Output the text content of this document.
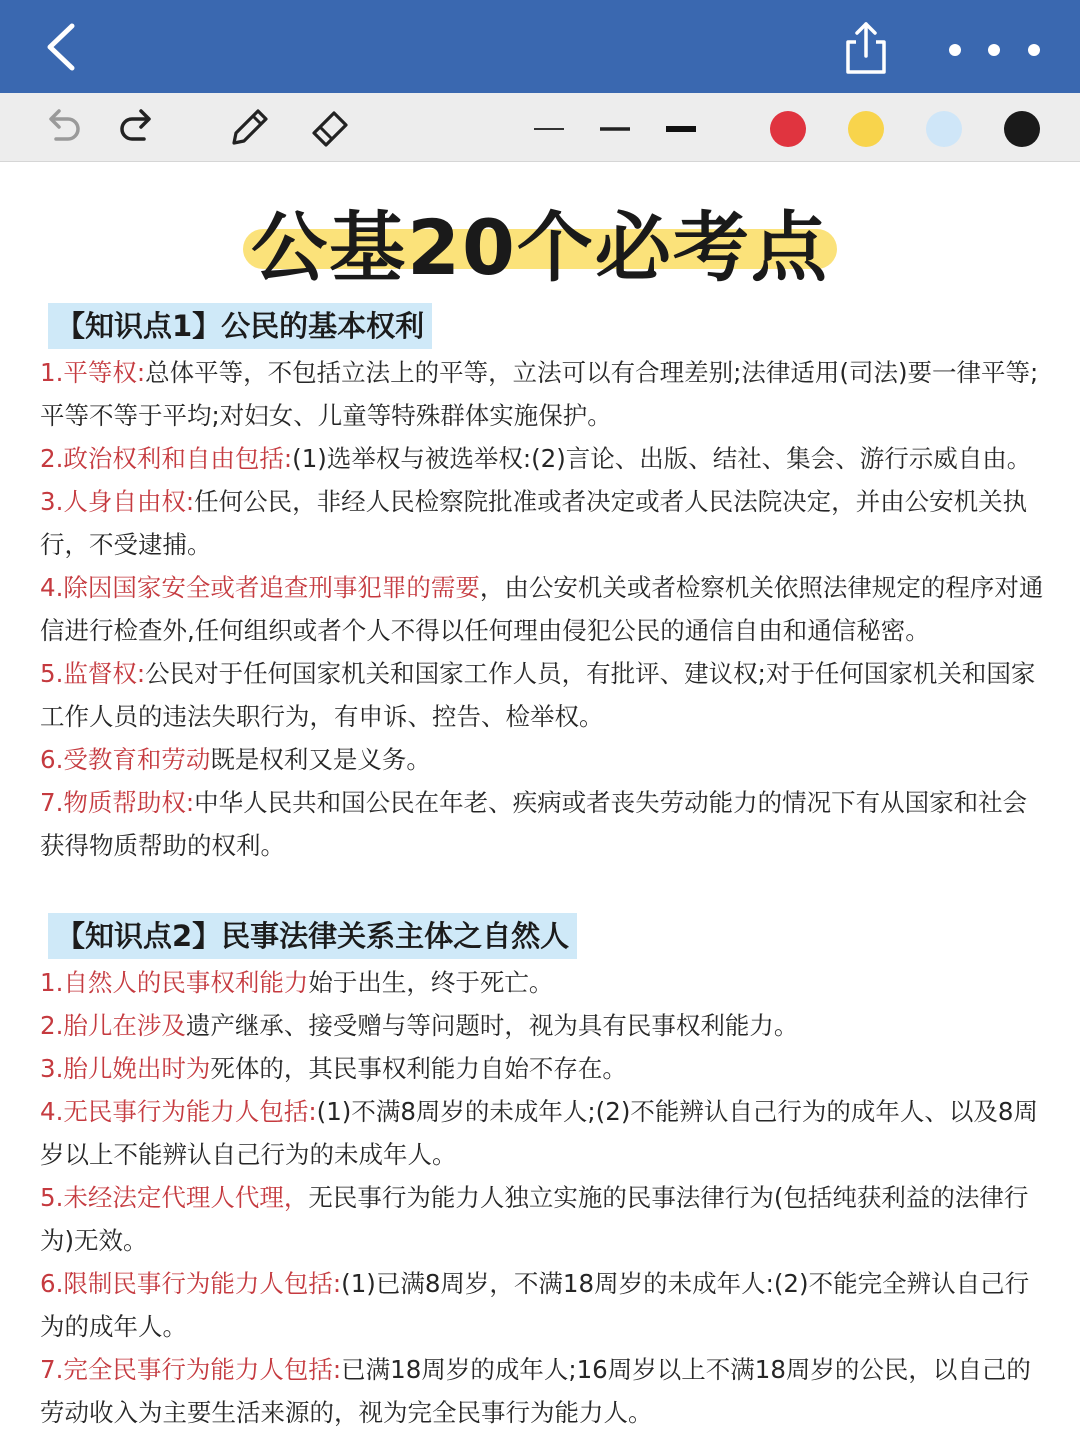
公基20个必考点
【知识点1】公民的基本权利

1.平等权:总体平等，不包括立法上的平等，立法可以有合理差别;法律适用(司法)要一律平等;平等不等于平均;对妇女、儿童等特殊群体实施保护。

2.政治权利和自由包括:(1)选举权与被选举权:(2)言论、出版、结社、集会、游行示威自由。

3.人身自由权:任何公民，非经人民检察院批准或者决定或者人民法院决定，并由公安机关执行，不受逮捕。

4.除因国家安全或者追查刑事犯罪的需要，由公安机关或者检察机关依照法律规定的程序对通信进行检查外,任何组织或者个人不得以任何理由侵犯公民的通信自由和通信秘密。

5.监督权:公民对于任何国家机关和国家工作人员，有批评、建议权;对于任何国家机关和国家工作人员的违法失职行为，有申诉、控告、检举权。

6.受教育和劳动既是权利又是义务。

7.物质帮助权:中华人民共和国公民在年老、疾病或者丧失劳动能力的情况下有从国家和社会获得物质帮助的权利。

【知识点2】民事法律关系主体之自然人

1.自然人的民事权利能力始于出生，终于死亡。

2.胎儿在涉及遗产继承、接受赠与等问题时，视为具有民事权利能力。

3.胎儿娩出时为死体的，其民事权利能力自始不存在。

4.无民事行为能力人包括:(1)不满8周岁的未成年人;(2)不能辨认自己行为的成年人、以及8周岁以上不能辨认自己行为的未成年人。

5.未经法定代理人代理，无民事行为能力人独立实施的民事法律行为(包括纯获利益的法律行为)无效。

6.限制民事行为能力人包括:(1)已满8周岁，不满18周岁的未成年人:(2)不能完全辨认自己行为的成年人。

7.完全民事行为能力人包括:已满18周岁的成年人;16周岁以上不满18周岁的公民，以自己的劳动收入为主要生活来源的，视为完全民事行为能力人。
